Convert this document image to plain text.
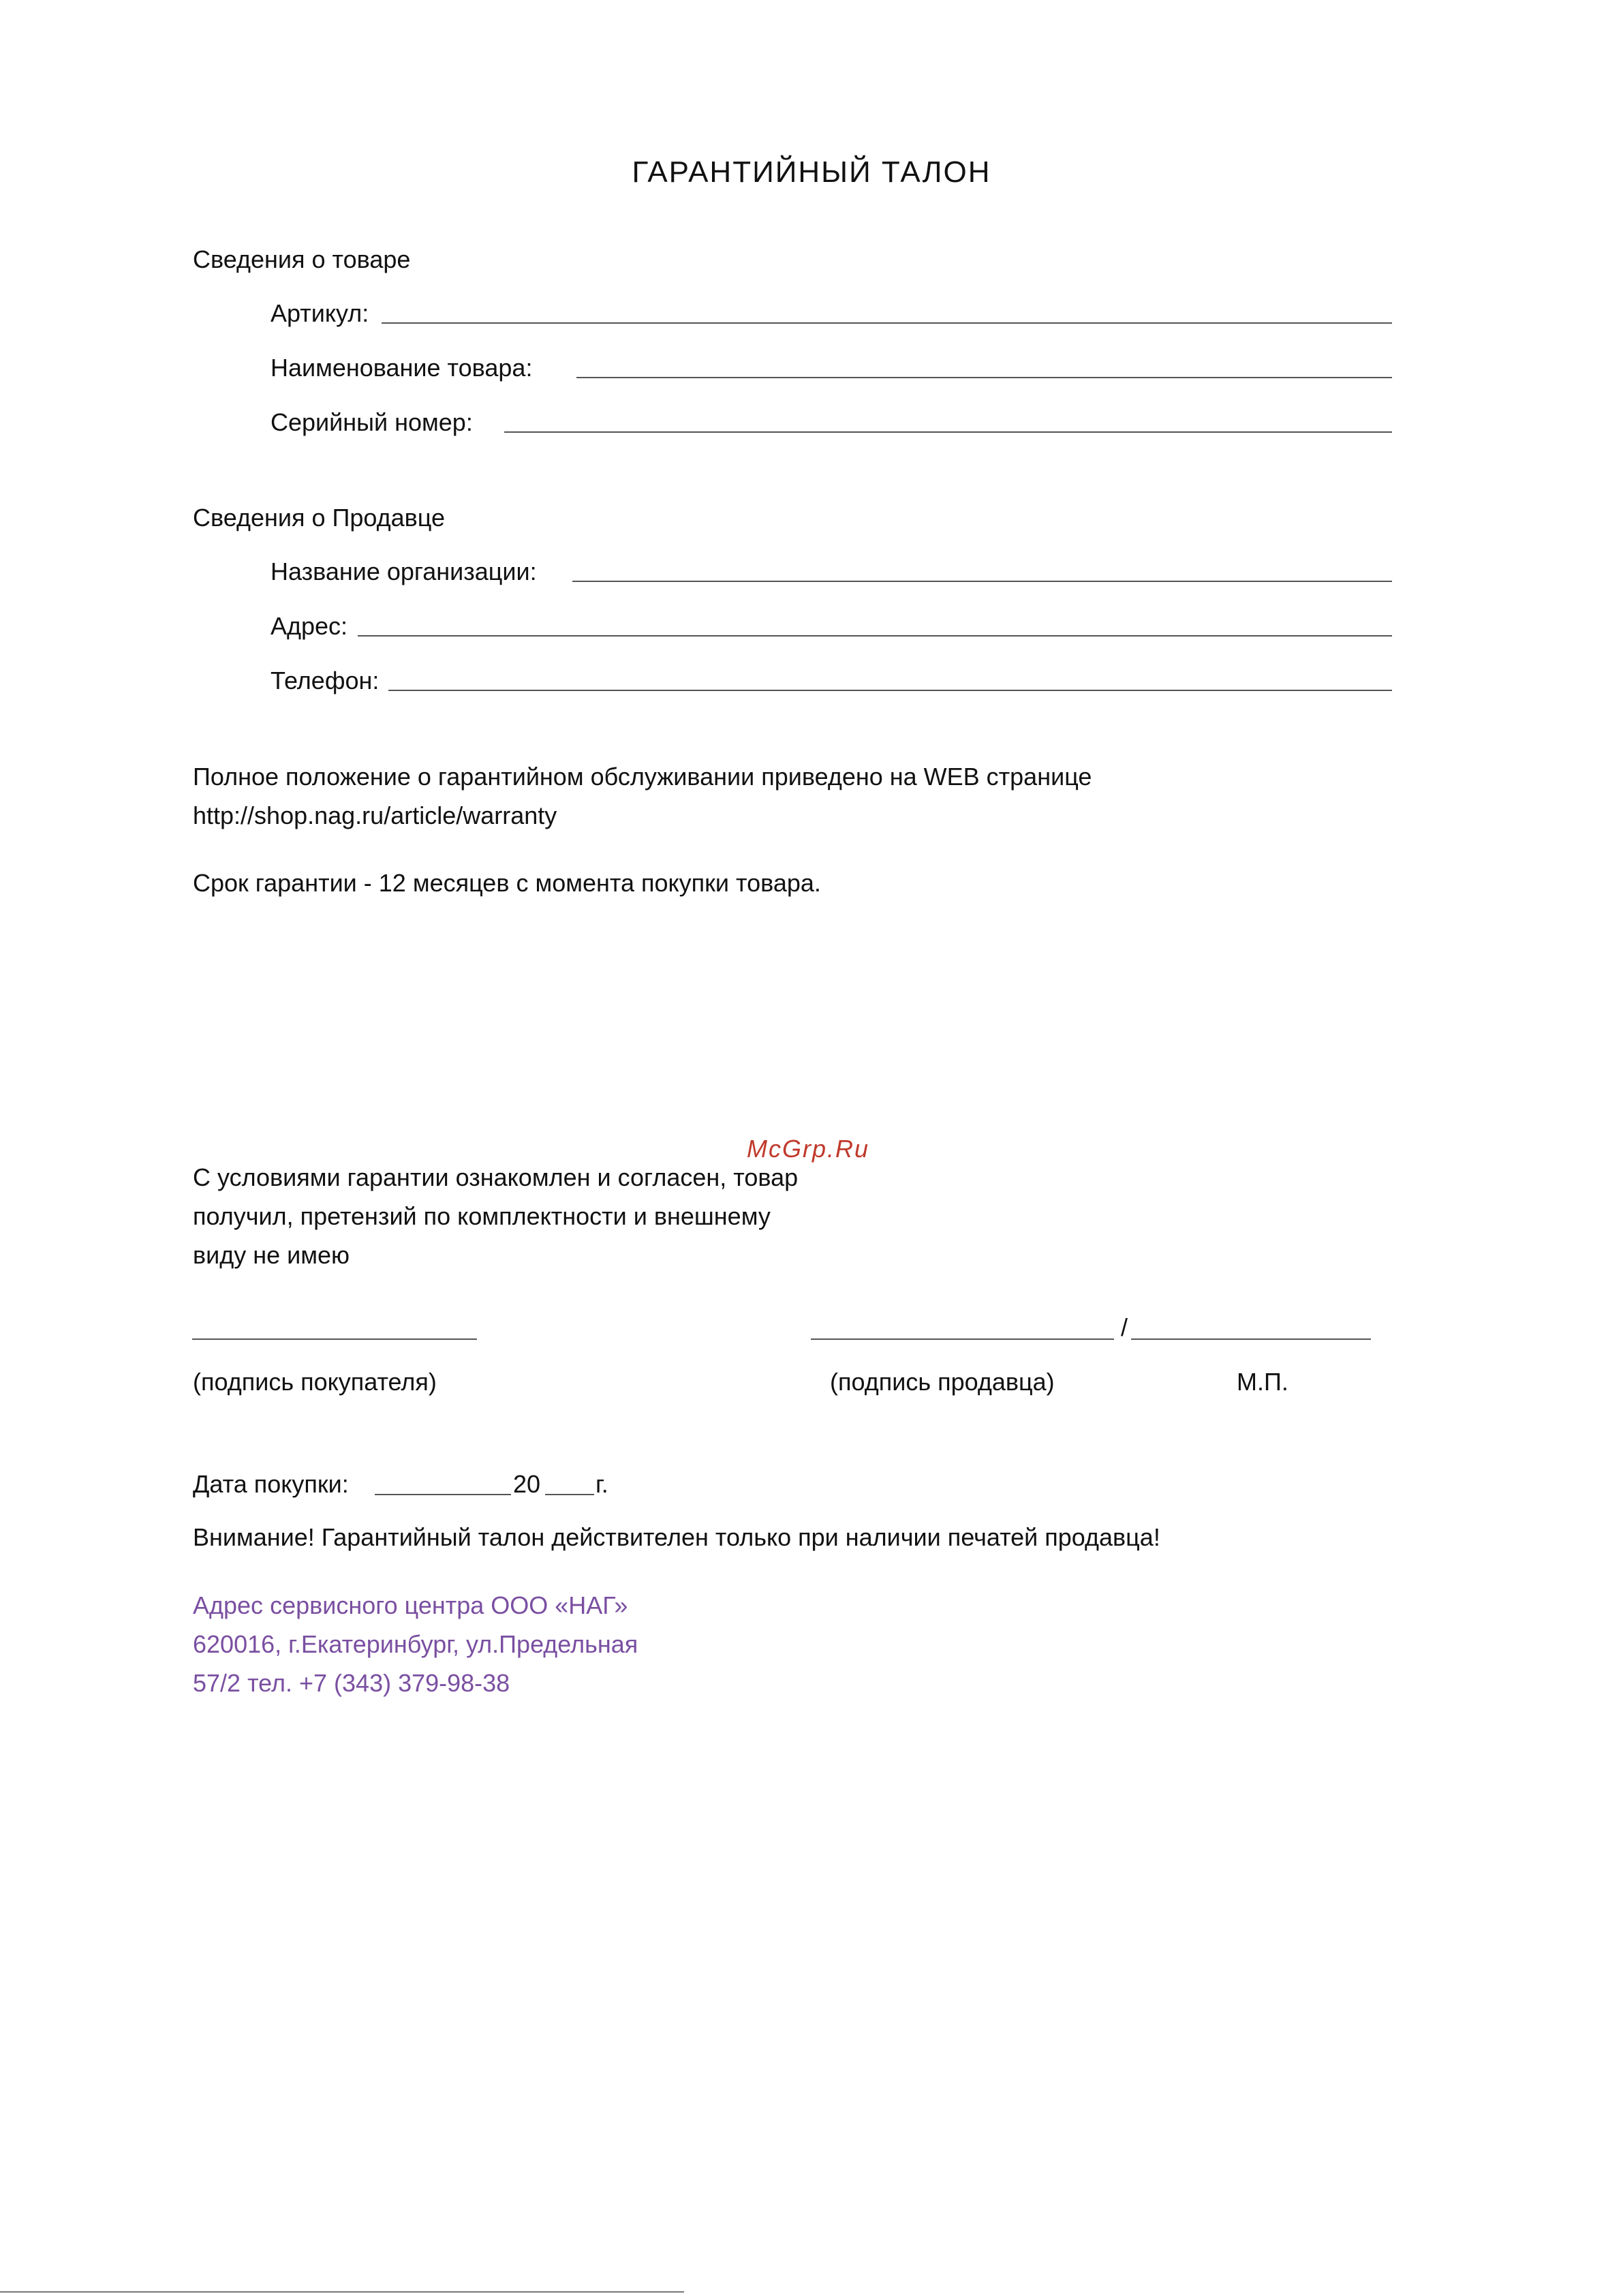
ГАРАНТИЙНЫЙ ТАЛОН
Сведения о товаре
Артикул:
Наименование товара:
Серийный номер:
Сведения о Продавце
Название организации:
Адрес:
Телефон:
Полное положение о гарантийном обслуживании приведено на WEB странице
http://shop.nag.ru/article/warranty
Срок гарантии - 12 месяцев с момента покупки товара.
McGrp.Ru
С условиями гарантии ознакомлен и согласен, товар
получил, претензий по комплектности и внешнему
виду не имею
/
(подпись покупателя)	(подпись продавца)	М.П.
Дата покупки:	20 г.
Внимание! Гарантийный талон действителен только при наличии печатей продавца!
Адрес сервисного центра ООО «НАГ»
620016, г.Екатеринбург, ул.Предельная
57/2 тел. +7 (343) 379-98-38
